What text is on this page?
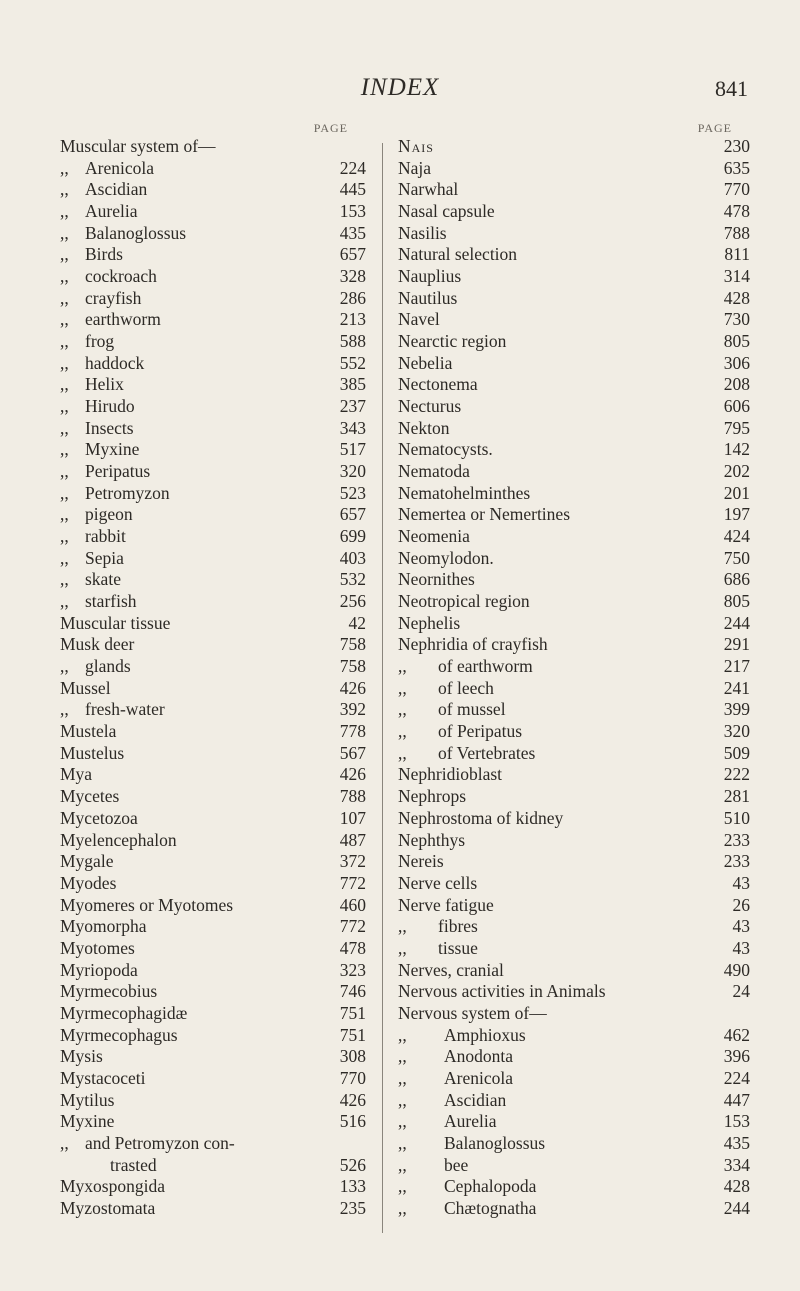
INDEX	841
PAGE
Muscular system of—
,, Arenicola	224
,, Ascidian	445
,, Aurelia	153
,, Balanoglossus	435
,, Birds	657
,, cockroach	328
,, crayfish	286
,, earthworm	213
,, frog	588
,, haddock	552
,, Helix	385
,, Hirudo	237
,, Insects	343
,, Myxine	517
,, Peripatus	320
,, Petromyzon	523
,, pigeon	657
,, rabbit	699
,, Sepia	403
,, skate	532
,, starfish	256
Muscular tissue	42
Musk deer	758
,, glands	758
Mussel	426
,, fresh-water	392
Mustela	778
Mustelus	567
Mya	426
Mycetes	788
Mycetozoa	107
Myelencephalon	487
Mygale	372
Myodes	772
Myomeres or Myotomes	460
Myomorpha	772
Myotomes	478
Myriopoda	323
Myrmecobius	746
Myrmecophagidæ	751
Myrmecophagus	751
Mysis	308
Mystacoceti	770
Mytilus	426
Myxine	516
,, and Petromyzon con-
trasted	526
Myxospongida	133
Myzostomata	235
PAGE
Nais	230
Naja	635
Narwhal	770
Nasal capsule	478
Nasilis	788
Natural selection	811
Nauplius	314
Nautilus	428
Navel	730
Nearctic region	805
Nebelia	306
Nectonema	208
Necturus	606
Nekton	795
Nematocysts.	142
Nematoda	202
Nematohelminthes	201
Nemertea or Nemertines	197
Neomenia	424
Neomylodon.	750
Neornithes	686
Neotropical region	805
Nephelis	244
Nephridia of crayfish	291
,, of earthworm	217
,, of leech	241
,, of mussel	399
,, of Peripatus	320
,, of Vertebrates	509
Nephridioblast	222
Nephrops	281
Nephrostoma of kidney	510
Nephthys	233
Nereis	233
Nerve cells	43
Nerve fatigue	26
,, fibres	43
,, tissue	43
Nerves, cranial	490
Nervous activities in Animals	24
Nervous system of—
,, Amphioxus	462
,, Anodonta	396
,, Arenicola	224
,, Ascidian	447
,, Aurelia	153
,, Balanoglossus	435
,, bee	334
,, Cephalopoda	428
,, Chætognatha	244
